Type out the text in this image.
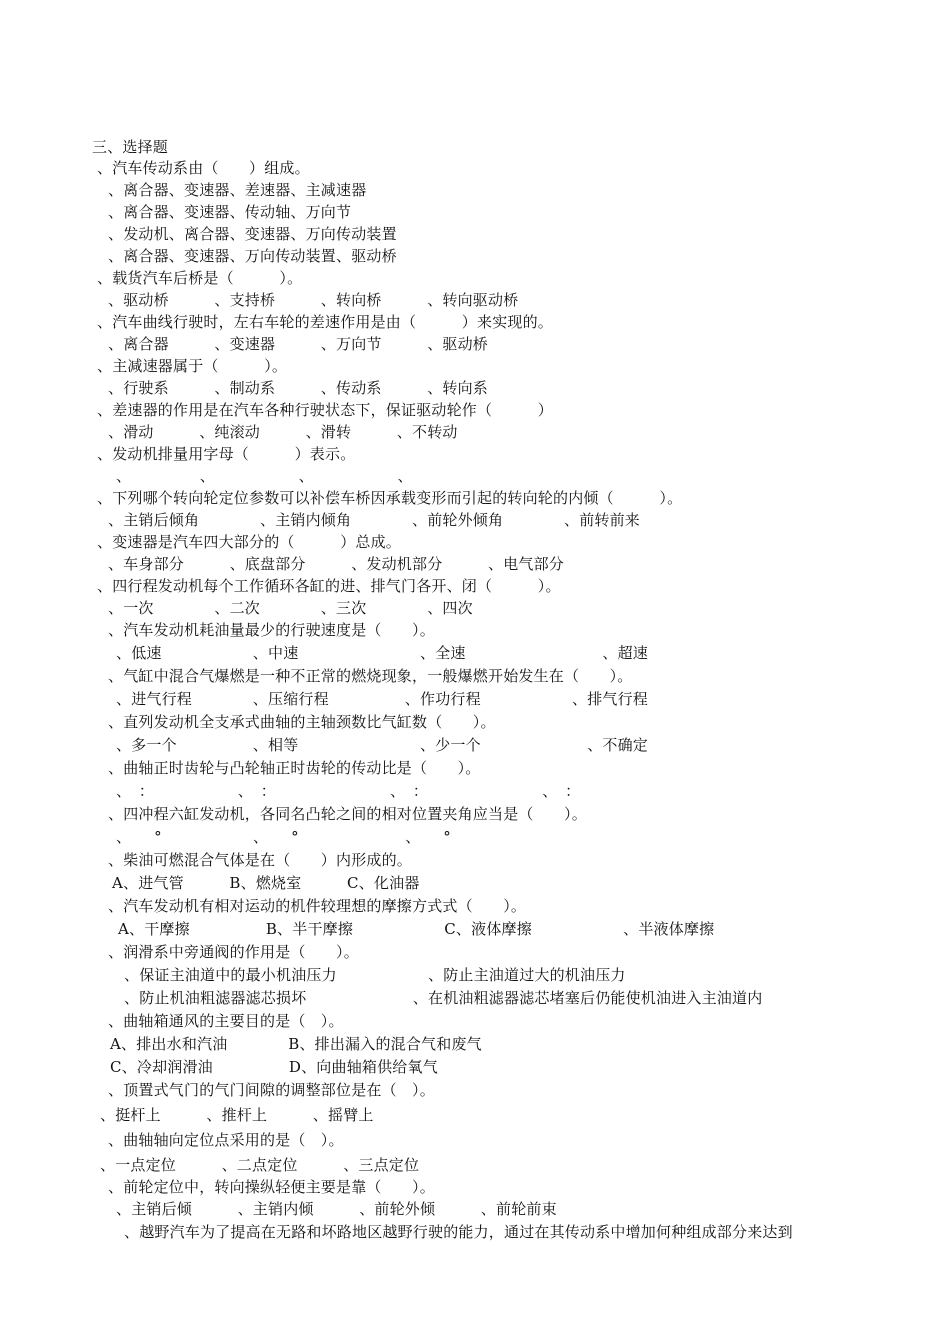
三、选择题
、汽车传动系由（　　）组成。
、离合器、变速器、差速器、主减速器
、离合器、变速器、传动轴、万向节
、发动机、离合器、变速器、万向传动装置
、离合器、变速器、万向传动装置、驱动桥
、载货汽车后桥是（　　　）。
、驱动桥　　　、支持桥　　　、转向桥　　　、转向驱动桥
、汽车曲线行驶时，左右车轮的差速作用是由（　　　）来实现的。
、离合器　　　、变速器　　　、万向节　　　、驱动桥
、主减速器属于（　　　）。
、行驶系　　　、制动系　　　、传动系　　　、转向系
、差速器的作用是在汽车各种行驶状态下，保证驱动轮作（　　　）
、滑动　　　、纯滚动　　　、滑转　　　、不转动
、发动机排量用字母（　　　）表示。
、　　　　　、　　　　　　、　　　　　　、
、下列哪个转向轮定位参数可以补偿车桥因承载变形而引起的转向轮的内倾（　　　）。
、主销后倾角　　　　、主销内倾角　　　　、前轮外倾角　　　　、前转前来
、变速器是汽车四大部分的（　　　）总成。
、车身部分　　　、底盘部分　　　、发动机部分　　　、电气部分
、四行程发动机每个工作循环各缸的进、排气门各开、闭（　　　）。
、一次　　　　、二次　　　　、三次　　　　、四次
、汽车发动机耗油量最少的行驶速度是（　　）。
、低速　　　　　　、中速　　　　　　　　、全速　　　　　　　　　、超速
、气缸中混合气爆燃是一种不正常的燃烧现象，一般爆燃开始发生在（　　）。
、进气行程　　　　、压缩行程　　　　　、作功行程　　　　　　、排气行程
、直列发动机全支承式曲轴的主轴颈数比气缸数（　　）。
、多一个　　　　　、相等　　　　　　　　、少一个　　　　　　　、不确定
、曲轴正时齿轮与凸轮轴正时齿轮的传动比是（　　）。
、　：　　　　　　、　：　　　　　　　　、　：　　　　　　　　、　：
、四冲程六缸发动机，各同名凸轮之间的相对位置夹角应当是（　　）。
、　　°　　　　　　、　　°　　　　　　　、　　°
、柴油可燃混合气体是在（　　）内形成的。
A、进气管　　　B、燃烧室　　　C、化油器
、汽车发动机有相对运动的机件较理想的摩擦方式式（　　）。
A、干摩擦　　　　　B、半干摩擦　　　　　　C、液体摩擦　　　　　　、半液体摩擦
、润滑系中旁通阀的作用是（　　）。
、保证主油道中的最小机油压力　　　　　　、防止主油道过大的机油压力
、防止机油粗滤器滤芯损坏　　　　　　　、在机油粗滤器滤芯堵塞后仍能使机油进入主油道内
、曲轴箱通风的主要目的是（　）。
A、排出水和汽油　　　　B、排出漏入的混合气和废气
C、冷却润滑油　　　　　D、向曲轴箱供给氧气
、顶置式气门的气门间隙的调整部位是在（　）。
、挺杆上　　　、推杆上　　　、摇臂上
、曲轴轴向定位点采用的是（　）。
、一点定位　　　、二点定位　　　、三点定位
、前轮定位中，转向操纵轻便主要是靠（　　）。
、主销后倾　　　、主销内倾　　　、前轮外倾　　　、前轮前束
、越野汽车为了提高在无路和坏路地区越野行驶的能力，通过在其传动系中增加何种组成部分来达到
